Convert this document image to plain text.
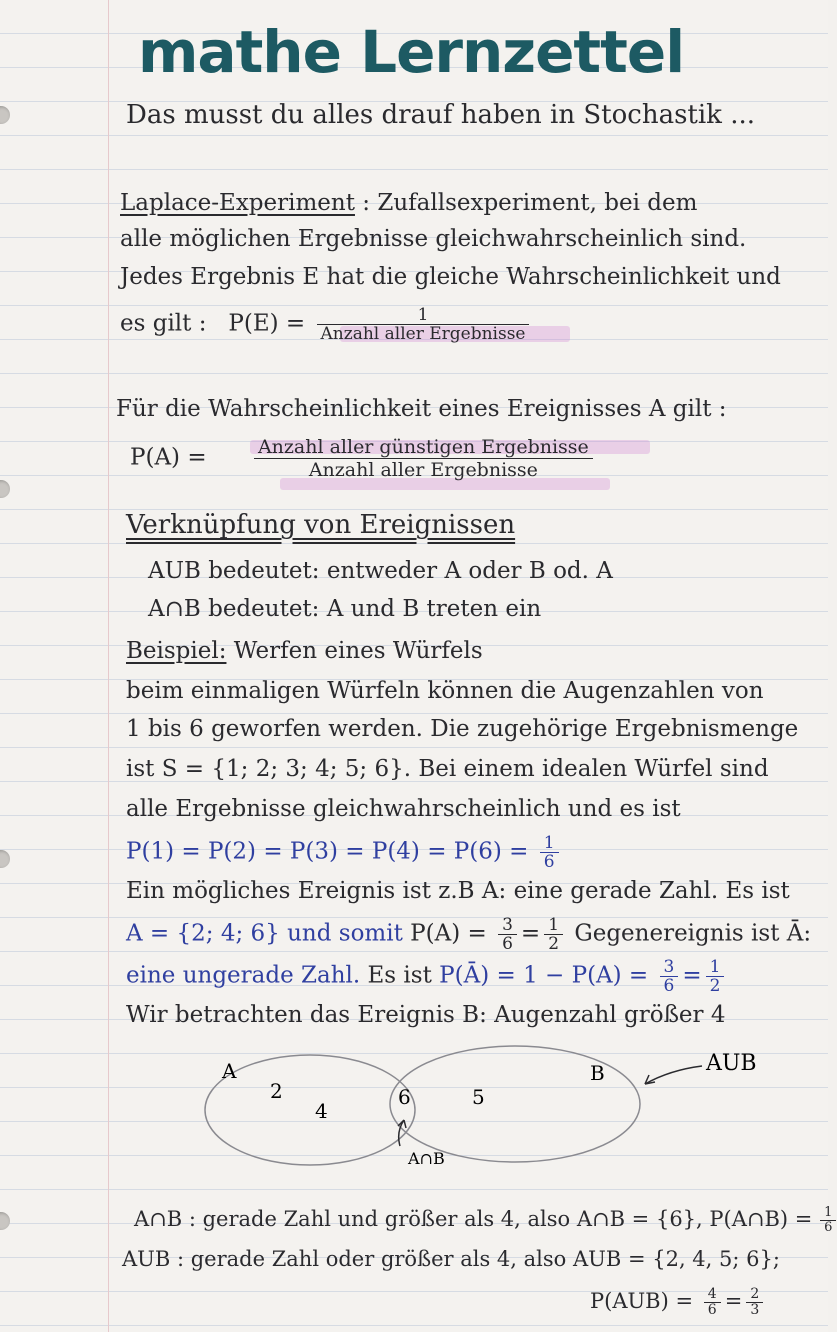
mathe Lernzettel
Das musst du alles drauf haben in Stochastik ...
Laplace-Experiment : Zufallsexperiment, bei dem
alle möglichen Ergebnisse gleichwahrscheinlich sind.
Jedes Ergebnis E hat die gleiche Wahrscheinlichkeit und
es gilt : $P(E) = \frac{1}{\text{Anzahl aller Ergebnisse}}$
Für die Wahrscheinlichkeit eines Ereignisses A gilt :
$P(A) = \frac{\text{Anzahl aller günstigen Ergebnisse}}{\text{Anzahl aller Ergebnisse}}$
Verknüpfung von Ereignissen
AUB bedeutet: entweder A oder B od. A
A∩B bedeutet: A und B treten ein
Beispiel: Werfen eines Würfels
beim einmaligen Würfeln können die Augenzahlen von
1 bis 6 geworfen werden. Die zugehörige Ergebnismenge
ist S = {1; 2; 3; 4; 5; 6}. Bei einem idealen Würfel sind
alle Ergebnisse gleichwahrscheinlich und es ist
$P(1) = P(2) = P(3) = P(4) = P(6) = \frac{1}{6}$
Ein mögliches Ereignis ist z.B A: eine gerade Zahl. Es ist
A = {2; 4; 6} und somit $P(A) = \frac{3}{6} = \frac{1}{2}$ Gegenereignis ist Ā:
eine ungerade Zahl. Es ist P(Ā) = $1 - P(A) = \frac{3}{6} = \frac{1}{2}$
Wir betrachten das Ereignis B: Augenzahl größer 4
A	B
2
4
6	5
AUB
A∩B
A∩B : gerade Zahl und größer als 4, also A∩B = {6}, P(A∩B) = $\frac{1}{6}$
AUB : gerade Zahl oder größer als 4, also AUB = {2, 4, 5; 6};
$P(AUB) = \frac{4}{6} = \frac{2}{3}$
